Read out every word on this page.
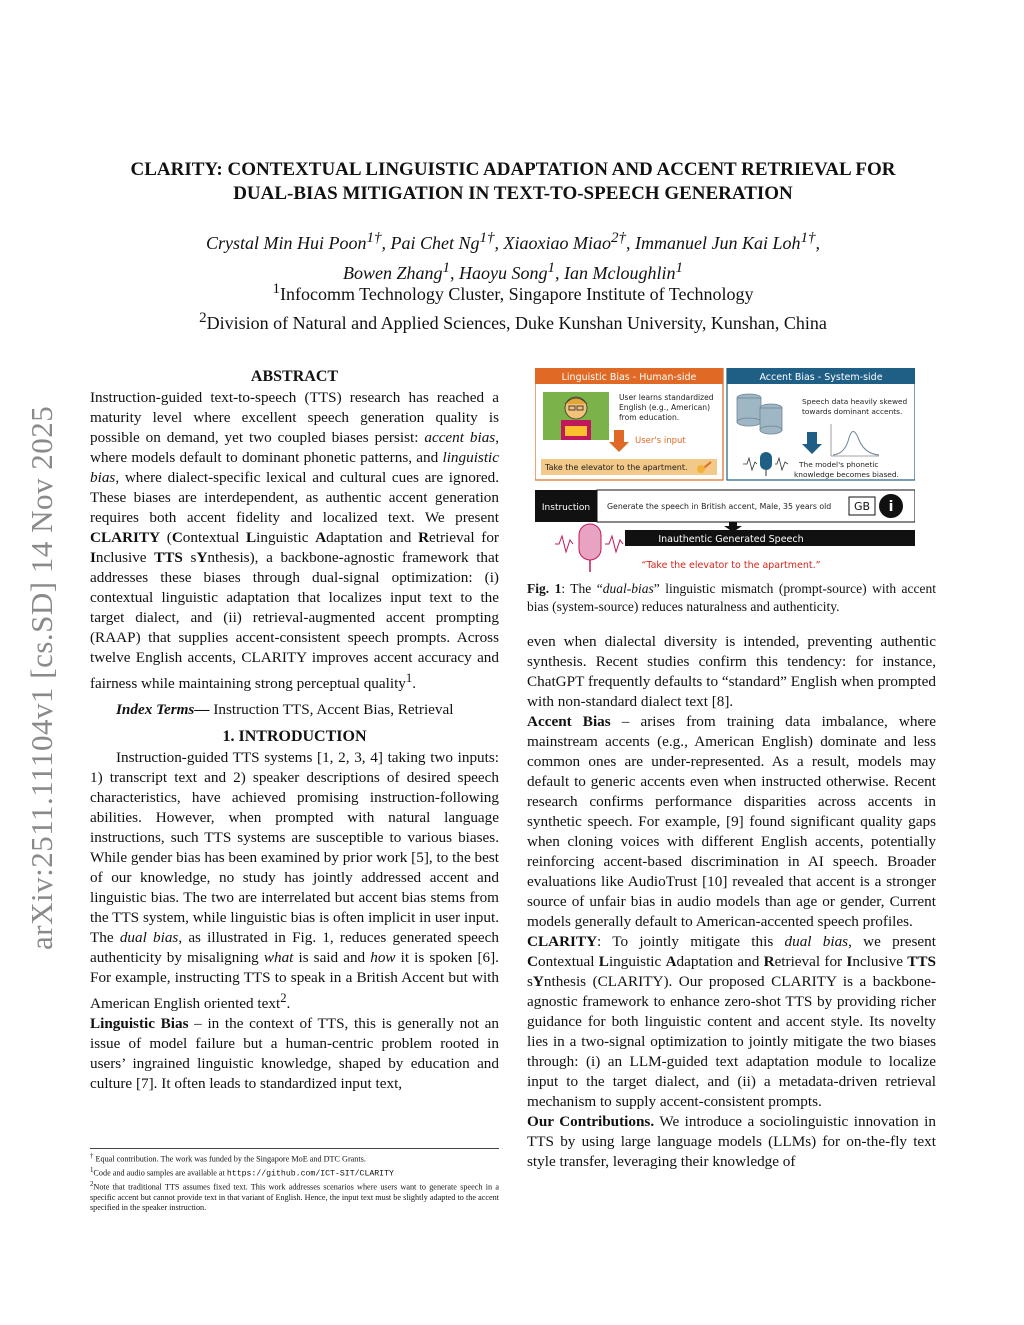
arXiv:2511.11104v1 [cs.SD] 14 Nov 2025
CLARITY: CONTEXTUAL LINGUISTIC ADAPTATION AND ACCENT RETRIEVAL FOR
DUAL-BIAS MITIGATION IN TEXT-TO-SPEECH GENERATION
Crystal Min Hui Poon$^{1\dagger}$, Pai Chet $Ng^{1\dagger}$, Xiaoxiao Miao$^{2\dagger}$, Immanuel Jun Kai Loh$^{1\dagger}$,
Bowen Zhang$^1$, Haoyu Song$^1$, Ian Mcloughlin$^1$
$^1$Infocomm Technology Cluster, Singapore Institute of Technology
$^2$Division of Natural and Applied Sciences, Duke Kunshan University, Kunshan, China
ABSTRACT

Instruction-guided text-to-speech (TTS) research has reached a maturity level where excellent speech generation quality is possible on demand, yet two coupled biases persist: accent bias, where models default to dominant phonetic patterns, and linguistic bias, where dialect-specific lexical and cultural cues are ignored. These biases are interdependent, as authentic accent generation requires both accent fidelity and localized text. We present CLARITY (Contextual Linguistic Adaptation and Retrieval for Inclusive TTS sYnthesis), a backbone-agnostic framework that addresses these biases through dual-signal optimization: (i) contextual linguistic adaptation that localizes input text to the target dialect, and (ii) retrieval-augmented accent prompting (RAAP) that supplies accent-consistent speech prompts. Across twelve English accents, CLARITY improves accent accuracy and fairness while maintaining strong perceptual quality$^1$.

Index Terms— Instruction TTS, Accent Bias, Retrieval

1. INTRODUCTION

Instruction-guided TTS systems [1, 2, 3, 4] taking two inputs: 1) transcript text and 2) speaker descriptions of desired speech characteristics, have achieved promising instruction-following abilities. However, when prompted with natural language instructions, such TTS systems are susceptible to various biases. While gender bias has been examined by prior work [5], to the best of our knowledge, no study has jointly addressed accent and linguistic bias. The two are interrelated but accent bias stems from the TTS system, while linguistic bias is often implicit in user input. The dual bias, as illustrated in Fig. 1, reduces generated speech authenticity by misaligning what is said and how it is spoken [6]. For example, instructing TTS to speak in a British Accent but with American English oriented text$^2$.

Linguistic Bias – in the context of TTS, this is generally not an issue of model failure but a human-centric problem rooted in users’ ingrained linguistic knowledge, shaped by education and culture [7]. It often leads to standardized input text,

† Equal contribution. The work was funded by the Singapore MoE and DTC Grants.

$^1$Code and audio samples are available at https://github.com/ICT-SIT/CLARITY

$^2$Note that traditional TTS assumes fixed text. This work addresses scenarios where users want to generate speech in a specific accent but cannot provide text in that variant of English. Hence, the input text must be slightly adapted to the accent specified in the speaker instruction.

Linguistic Bias - Human-side
User learns standardized
English (e.g., American)
from education.
User's input
Take the elevator to the apartment.
Accent Bias - System-side
Speech data heavily skewed
towards dominant accents.
The model's phonetic
knowledge becomes biased.
Instruction Generate the speech in British accent, Male, 35 years old GB i
Inauthentic Generated Speech
“Take the elevator to the apartment.”
Fig. 1: The “dual-bias” linguistic mismatch (prompt-source) with accent bias (system-source) reduces naturalness and authenticity.

even when dialectal diversity is intended, preventing authentic synthesis. Recent studies confirm this tendency: for instance, ChatGPT frequently defaults to “standard” English when prompted with non-standard dialect text [8].

Accent Bias – arises from training data imbalance, where mainstream accents (e.g., American English) dominate and less common ones are under-represented. As a result, models may default to generic accents even when instructed otherwise. Recent research confirms performance disparities across accents in synthetic speech. For example, [9] found significant quality gaps when cloning voices with different English accents, potentially reinforcing accent-based discrimination in AI speech. Broader evaluations like AudioTrust [10] revealed that accent is a stronger source of unfair bias in audio models than age or gender, Current models generally default to American-accented speech profiles.

CLARITY: To jointly mitigate this dual bias, we present Contextual Linguistic Adaptation and Retrieval for Inclusive TTS sYnthesis (CLARITY). Our proposed CLARITY is a backbone-agnostic framework to enhance zero-shot TTS by providing richer guidance for both linguistic content and accent style. Its novelty lies in a two-signal optimization to jointly mitigate the two biases through: (i) an LLM-guided text adaptation module to localize input to the target dialect, and (ii) a metadata-driven retrieval mechanism to supply accent-consistent prompts.

Our Contributions. We introduce a sociolinguistic innovation in TTS by using large language models (LLMs) for on-the-fly text style transfer, leveraging their knowledge of
